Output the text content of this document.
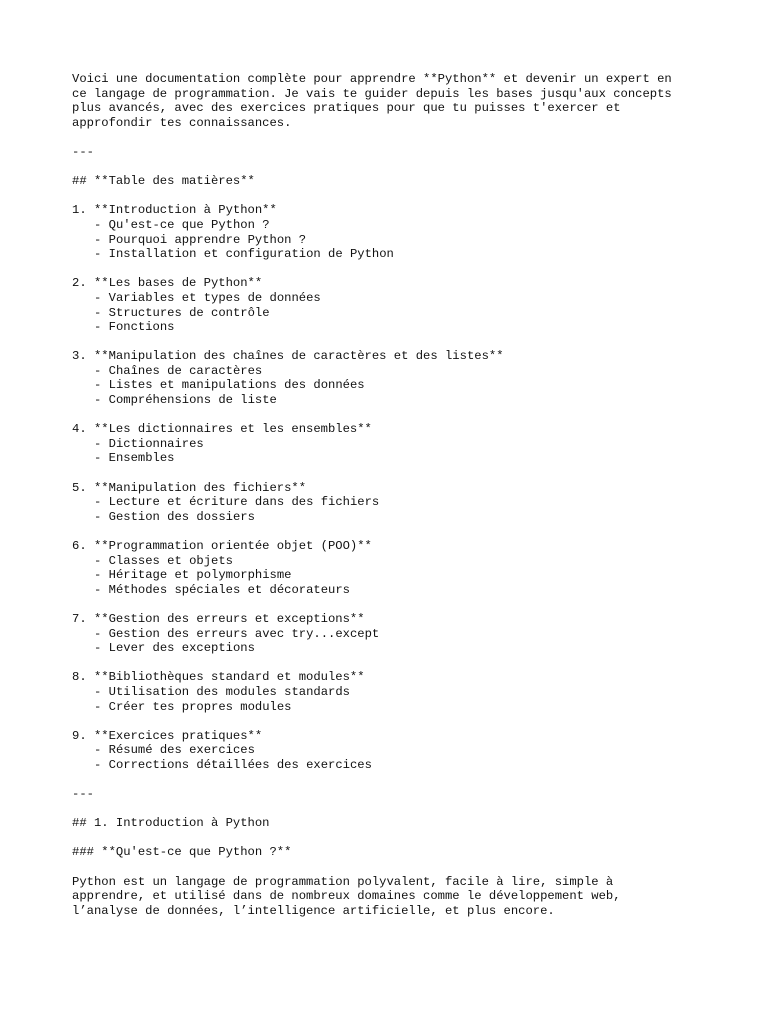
Voici une documentation complète pour apprendre **Python** et devenir un expert en
ce langage de programmation. Je vais te guider depuis les bases jusqu'aux concepts
plus avancés, avec des exercices pratiques pour que tu puisses t'exercer et
approfondir tes connaissances.
---
## **Table des matières**
1. **Introduction à Python**
- Qu'est-ce que Python ?
- Pourquoi apprendre Python ?
- Installation et configuration de Python
2. **Les bases de Python**
- Variables et types de données
- Structures de contrôle
- Fonctions
3. **Manipulation des chaînes de caractères et des listes**
- Chaînes de caractères
- Listes et manipulations des données
- Compréhensions de liste
4. **Les dictionnaires et les ensembles**
- Dictionnaires
- Ensembles
5. **Manipulation des fichiers**
- Lecture et écriture dans des fichiers
- Gestion des dossiers
6. **Programmation orientée objet (POO)**
- Classes et objets
- Héritage et polymorphisme
- Méthodes spéciales et décorateurs
7. **Gestion des erreurs et exceptions**
- Gestion des erreurs avec try...except
- Lever des exceptions
8. **Bibliothèques standard et modules**
- Utilisation des modules standards
- Créer tes propres modules
9. **Exercices pratiques**
- Résumé des exercices
- Corrections détaillées des exercices
---
## 1. Introduction à Python
### **Qu'est-ce que Python ?**
Python est un langage de programmation polyvalent, facile à lire, simple à
apprendre, et utilisé dans de nombreux domaines comme le développement web,
l’analyse de données, l’intelligence artificielle, et plus encore.
